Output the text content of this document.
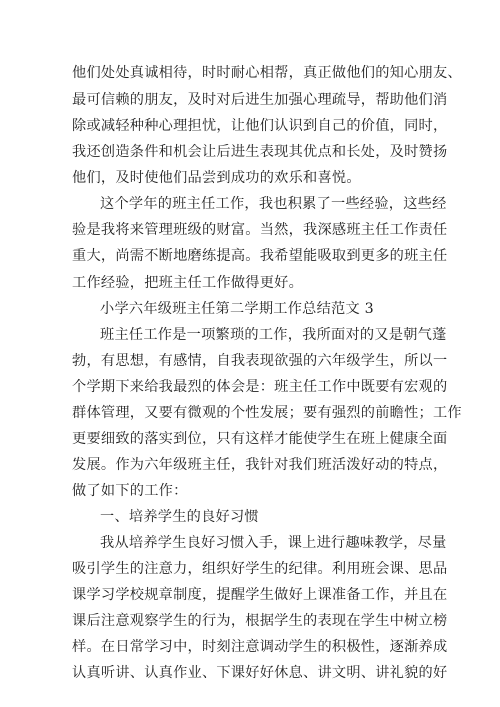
他们处处真诚相待，时时耐心相帮，真正做他们的知心朋友、
最可信赖的朋友，及时对后进生加强心理疏导，帮助他们消
除或减轻种种心理担忧，让他们认识到自己的价值，同时，
我还创造条件和机会让后进生表现其优点和长处，及时赞扬
他们，及时使他们品尝到成功的欢乐和喜悦。
这个学年的班主任工作，我也积累了一些经验，这些经
验是我将来管理班级的财富。当然，我深感班主任工作责任
重大，尚需不断地磨练提高。我希望能吸取到更多的班主任
工作经验，把班主任工作做得更好。
小学六年级班主任第二学期工作总结范文 3
班主任工作是一项繁琐的工作，我所面对的又是朝气蓬
勃，有思想，有感情，自我表现欲强的六年级学生，所以一
个学期下来给我最烈的体会是：班主任工作中既要有宏观的
群体管理，又要有微观的个性发展；要有强烈的前瞻性；工作
更要细致的落实到位，只有这样才能使学生在班上健康全面
发展。作为六年级班主任，我针对我们班活泼好动的特点，
做了如下的工作：
一、培养学生的良好习惯
我从培养学生良好习惯入手，课上进行趣味教学，尽量
吸引学生的注意力，组织好学生的纪律。利用班会课、思品
课学习学校规章制度，提醒学生做好上课准备工作，并且在
课后注意观察学生的行为，根据学生的表现在学生中树立榜
样。在日常学习中，时刻注意调动学生的积极性，逐渐养成
认真听讲、认真作业、下课好好休息、讲文明、讲礼貌的好
